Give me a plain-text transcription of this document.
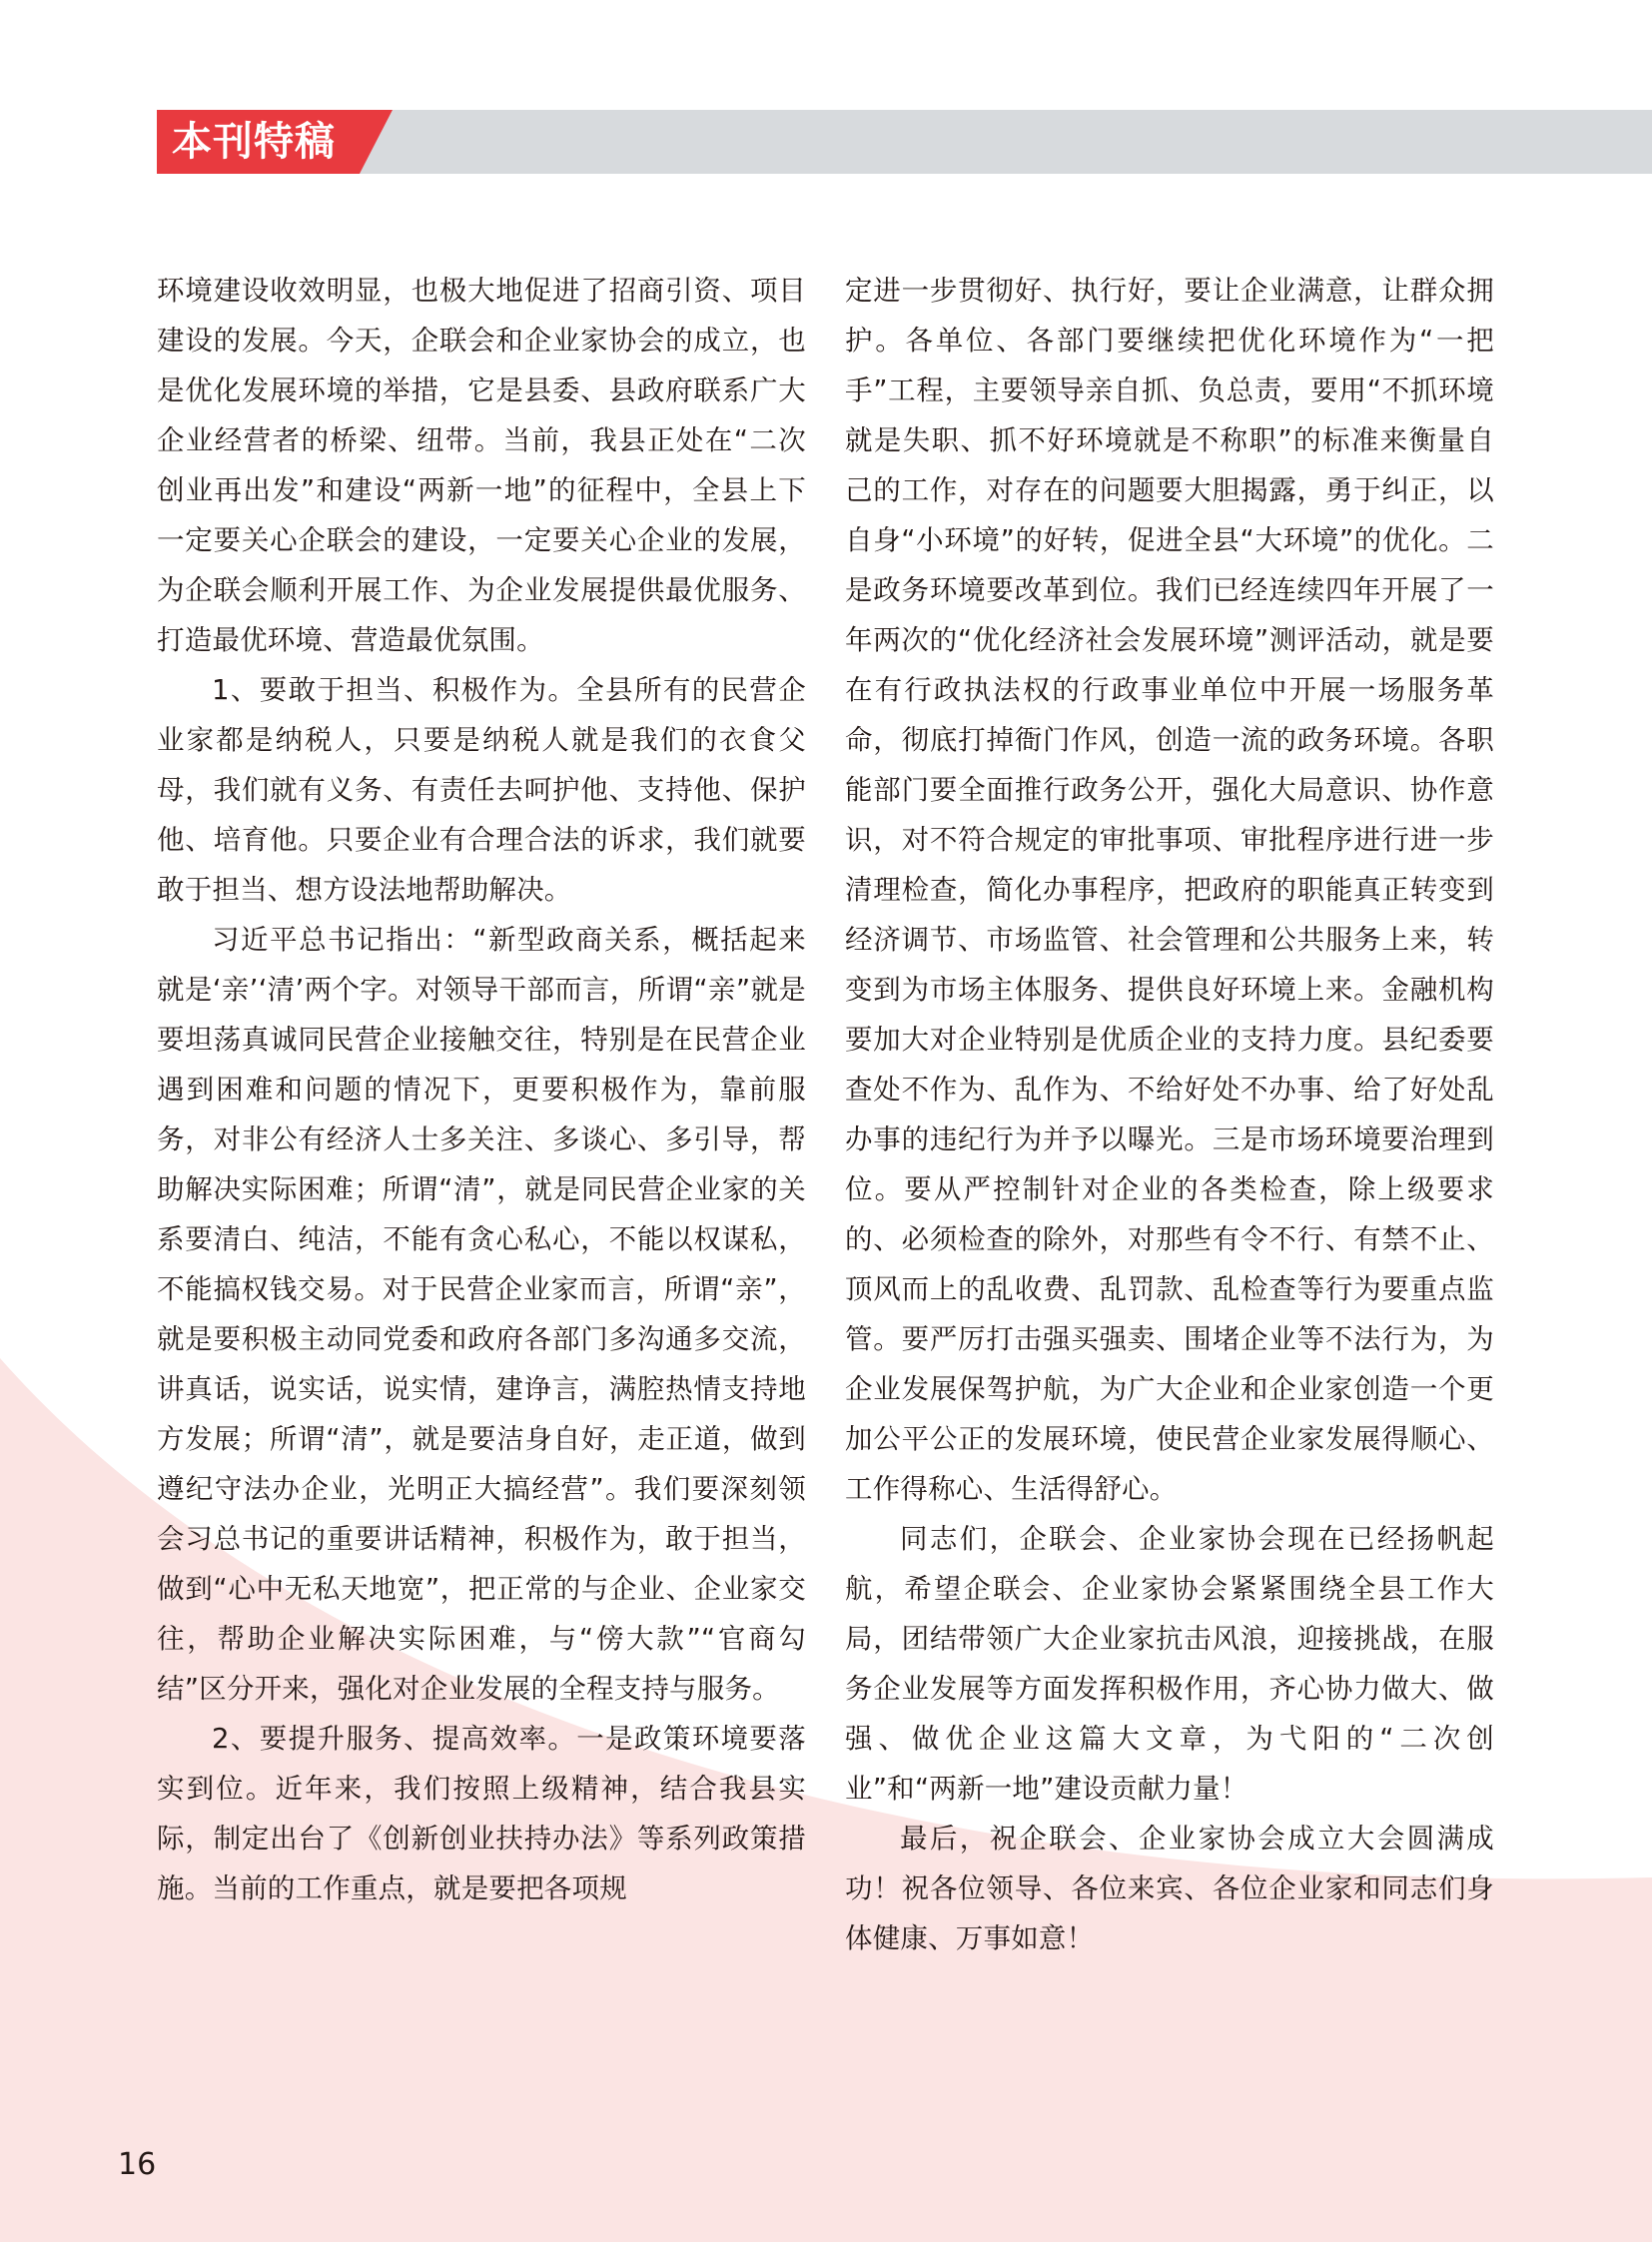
本刊特稿

环境建设收效明显，也极大地促进了招商引资、项目建设的发展。今天，企联会和企业家协会的成立，也是优化发展环境的举措，它是县委、县政府联系广大企业经营者的桥梁、纽带。当前，我县正处在“二次创业再出发”和建设“两新一地”的征程中，全县上下一定要关心企联会的建设，一定要关心企业的发展，为企联会顺利开展工作、为企业发展提供最优服务、打造最优环境、营造最优氛围。

1、要敢于担当、积极作为。全县所有的民营企业家都是纳税人，只要是纳税人就是我们的衣食父母，我们就有义务、有责任去呵护他、支持他、保护他、培育他。只要企业有合理合法的诉求，我们就要敢于担当、想方设法地帮助解决。

习近平总书记指出：“新型政商关系，概括起来就是‘亲’‘清’两个字。对领导干部而言，所谓“亲”就是要坦荡真诚同民营企业接触交往，特别是在民营企业遇到困难和问题的情况下，更要积极作为，靠前服务，对非公有经济人士多关注、多谈心、多引导，帮助解决实际困难；所谓“清”，就是同民营企业家的关系要清白、纯洁，不能有贪心私心，不能以权谋私，不能搞权钱交易。对于民营企业家而言，所谓“亲”，就是要积极主动同党委和政府各部门多沟通多交流，讲真话，说实话，说实情，建诤言，满腔热情支持地方发展；所谓“清”，就是要洁身自好，走正道，做到遵纪守法办企业，光明正大搞经营”。我们要深刻领会习总书记的重要讲话精神，积极作为，敢于担当，做到“心中无私天地宽”，把正常的与企业、企业家交往，帮助企业解决实际困难，与“傍大款”“官商勾结”区分开来，强化对企业发展的全程支持与服务。

2、要提升服务、提高效率。一是政策环境要落实到位。近年来，我们按照上级精神，结合我县实际，制定出台了《创新创业扶持办法》等系列政策措施。当前的工作重点，就是要把各项规

定进一步贯彻好、执行好，要让企业满意，让群众拥护。各单位、各部门要继续把优化环境作为“一把手”工程，主要领导亲自抓、负总责，要用“不抓环境就是失职、抓不好环境就是不称职”的标准来衡量自己的工作，对存在的问题要大胆揭露，勇于纠正，以自身“小环境”的好转，促进全县“大环境”的优化。二是政务环境要改革到位。我们已经连续四年开展了一年两次的“优化经济社会发展环境”测评活动，就是要在有行政执法权的行政事业单位中开展一场服务革命，彻底打掉衙门作风，创造一流的政务环境。各职能部门要全面推行政务公开，强化大局意识、协作意识，对不符合规定的审批事项、审批程序进行进一步清理检查，简化办事程序，把政府的职能真正转变到经济调节、市场监管、社会管理和公共服务上来，转变到为市场主体服务、提供良好环境上来。金融机构要加大对企业特别是优质企业的支持力度。县纪委要查处不作为、乱作为、不给好处不办事、给了好处乱办事的违纪行为并予以曝光。三是市场环境要治理到位。要从严控制针对企业的各类检查，除上级要求的、必须检查的除外，对那些有令不行、有禁不止、顶风而上的乱收费、乱罚款、乱检查等行为要重点监管。要严厉打击强买强卖、围堵企业等不法行为，为企业发展保驾护航，为广大企业和企业家创造一个更加公平公正的发展环境，使民营企业家发展得顺心、工作得称心、生活得舒心。

同志们，企联会、企业家协会现在已经扬帆起航，希望企联会、企业家协会紧紧围绕全县工作大局，团结带领广大企业家抗击风浪，迎接挑战，在服务企业发展等方面发挥积极作用，齐心协力做大、做强、做优企业这篇大文章，为弋阳的“二次创业”和“两新一地”建设贡献力量！

最后，祝企联会、企业家协会成立大会圆满成功！祝各位领导、各位来宾、各位企业家和同志们身体健康、万事如意！

16
